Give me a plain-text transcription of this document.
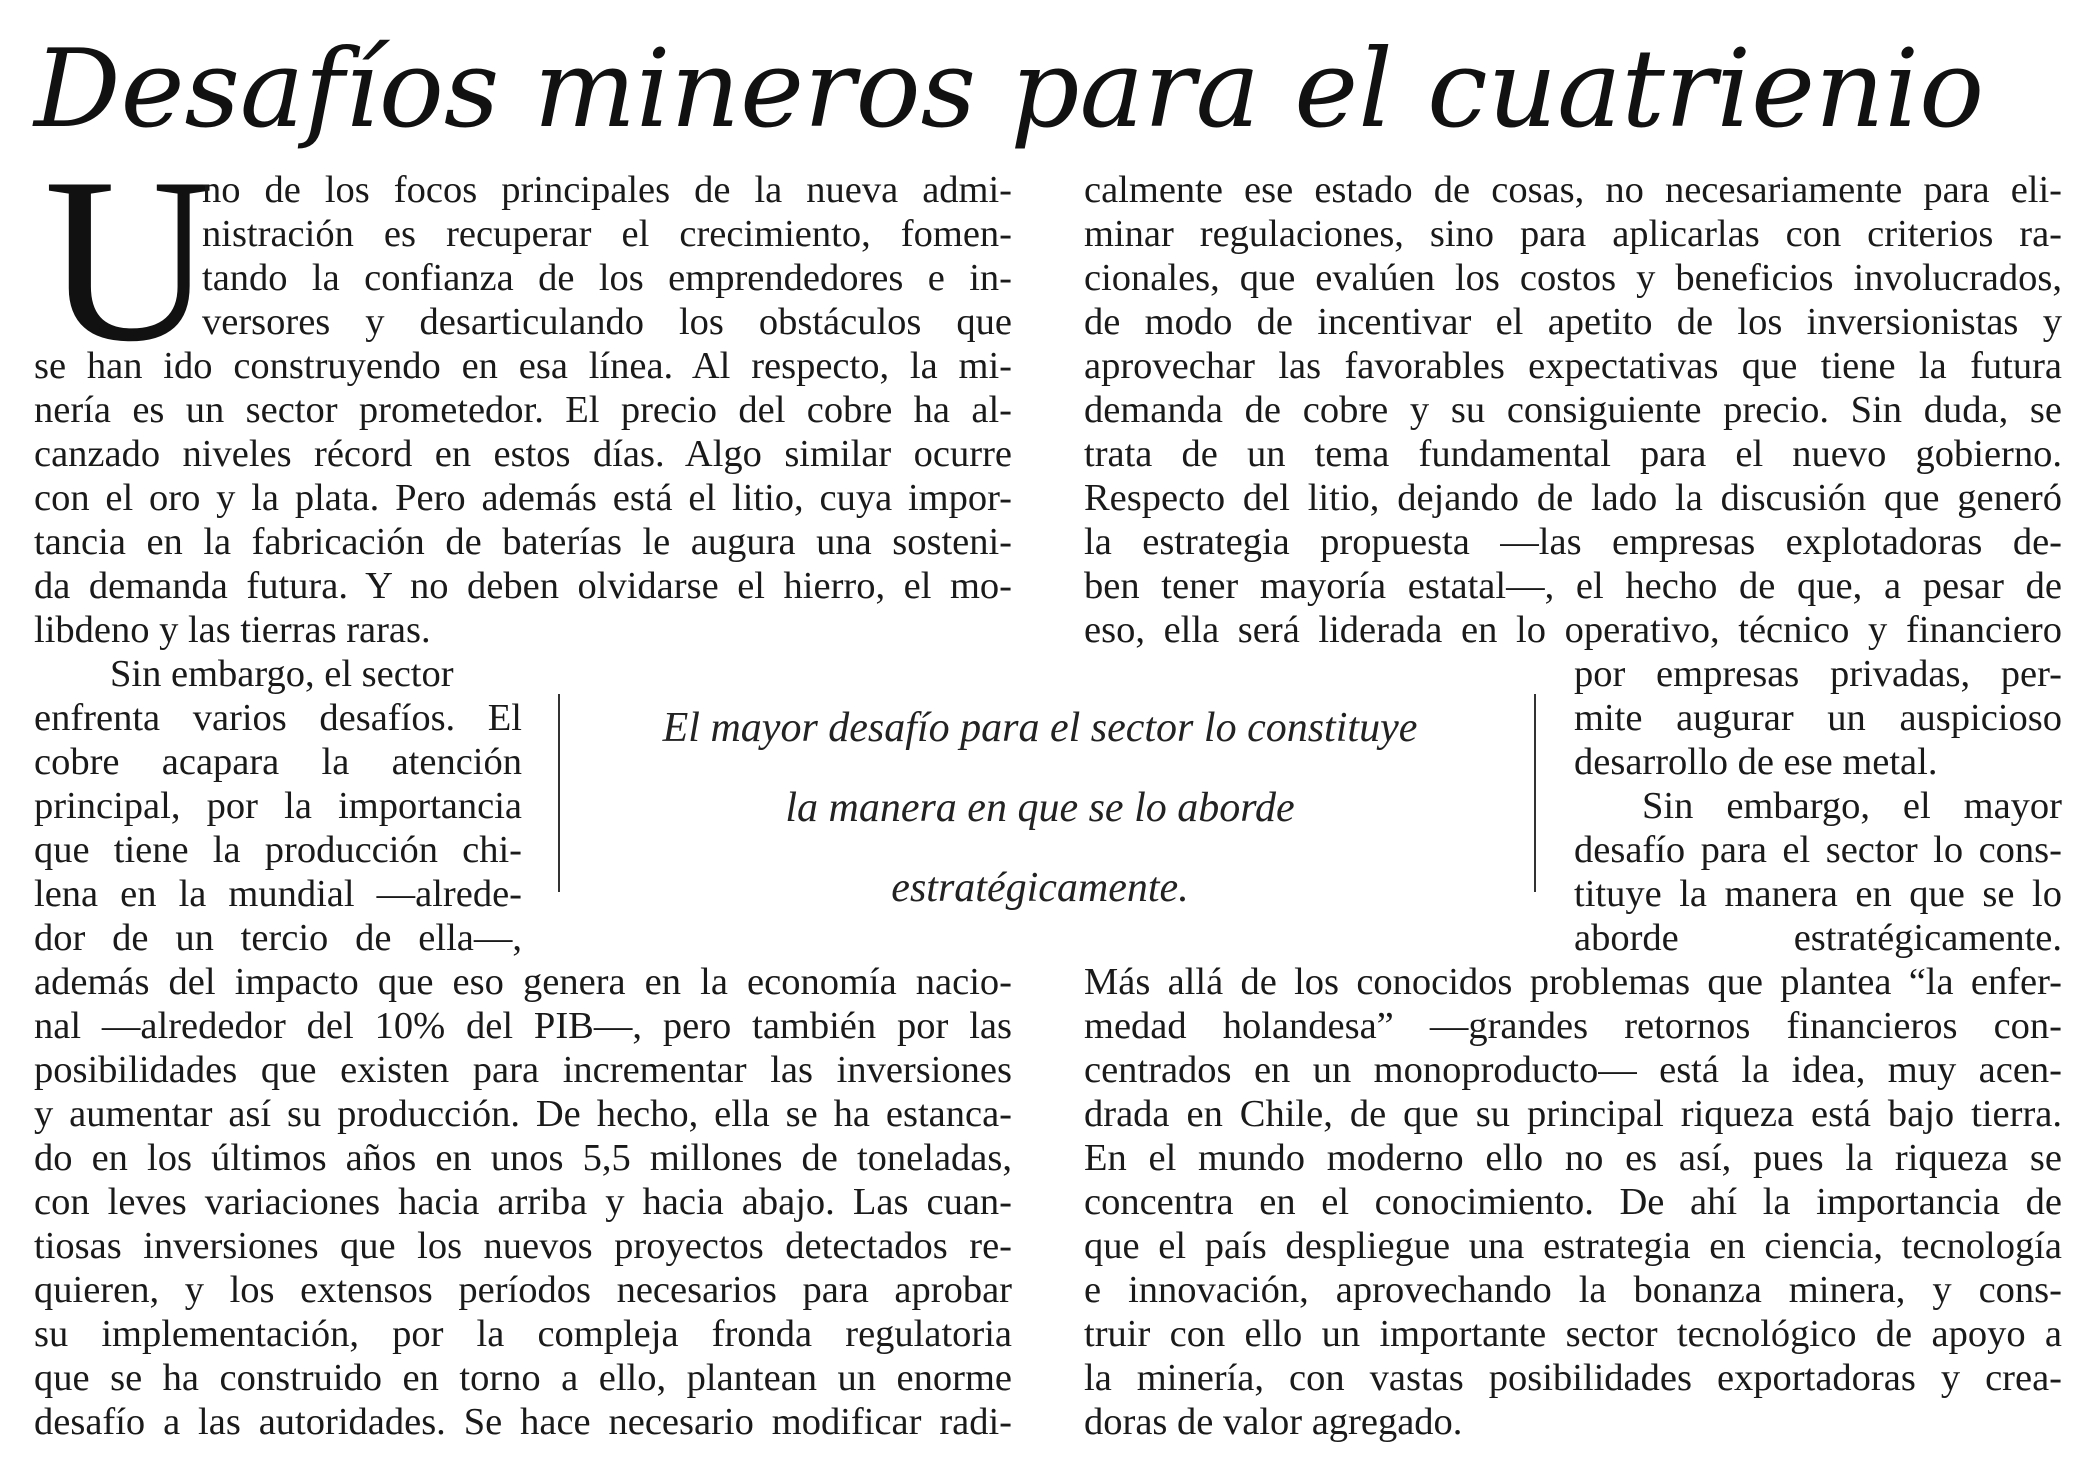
Desafíos mineros para el cuatrienio
U
no de los focos principales de la nueva admi-
nistración es recuperar el crecimiento, fomen-
tando la confianza de los emprendedores e in-
versores y desarticulando los obstáculos que
se han ido construyendo en esa línea. Al respecto, la mi-
nería es un sector prometedor. El precio del cobre ha al-
canzado niveles récord en estos días. Algo similar ocurre
con el oro y la plata. Pero además está el litio, cuya impor-
tancia en la fabricación de baterías le augura una sosteni-
da demanda futura. Y no deben olvidarse el hierro, el mo-
libdeno y las tierras raras.
Sin embargo, el sector
enfrenta varios desafíos. El
cobre acapara la atención
principal, por la importancia
que tiene la producción chi-
lena en la mundial —alrede-
dor de un tercio de ella—,
además del impacto que eso genera en la economía nacio-
nal —alrededor del 10% del PIB—, pero también por las
posibilidades que existen para incrementar las inversiones
y aumentar así su producción. De hecho, ella se ha estanca-
do en los últimos años en unos 5,5 millones de toneladas,
con leves variaciones hacia arriba y hacia abajo. Las cuan-
tiosas inversiones que los nuevos proyectos detectados re-
quieren, y los extensos períodos necesarios para aprobar
su implementación, por la compleja fronda regulatoria
que se ha construido en torno a ello, plantean un enorme
desafío a las autoridades. Se hace necesario modificar radi-
calmente ese estado de cosas, no necesariamente para eli-
minar regulaciones, sino para aplicarlas con criterios ra-
cionales, que evalúen los costos y beneficios involucrados,
de modo de incentivar el apetito de los inversionistas y
aprovechar las favorables expectativas que tiene la futura
demanda de cobre y su consiguiente precio. Sin duda, se
trata de un tema fundamental para el nuevo gobierno.
Respecto del litio, dejando de lado la discusión que generó
la estrategia propuesta —las empresas explotadoras de-
ben tener mayoría estatal—, el hecho de que, a pesar de
eso, ella será liderada en lo operativo, técnico y financiero
por empresas privadas, per-
mite augurar un auspicioso
desarrollo de ese metal.
Sin embargo, el mayor
desafío para el sector lo cons-
tituye la manera en que se lo
aborde estratégicamente.
Más allá de los conocidos problemas que plantea “la enfer-
medad holandesa” —grandes retornos financieros con-
centrados en un monoproducto— está la idea, muy acen-
drada en Chile, de que su principal riqueza está bajo tierra.
En el mundo moderno ello no es así, pues la riqueza se
concentra en el conocimiento. De ahí la importancia de
que el país despliegue una estrategia en ciencia, tecnología
e innovación, aprovechando la bonanza minera, y cons-
truir con ello un importante sector tecnológico de apoyo a
la minería, con vastas posibilidades exportadoras y crea-
doras de valor agregado.
El mayor desafío para el sector lo constituye
la manera en que se lo aborde
estratégicamente.
